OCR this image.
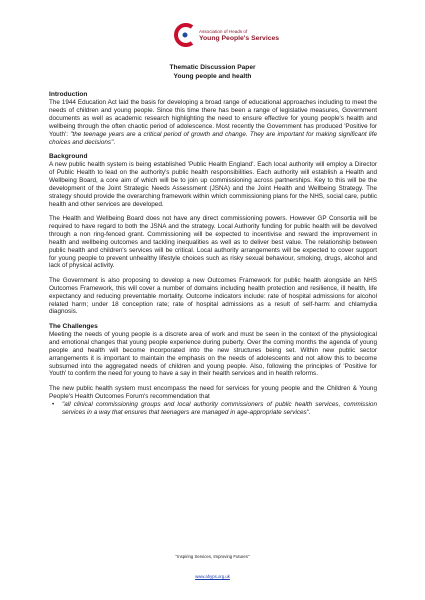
Association of Heads of
Young People's Services
Thematic Discussion Paper
Young people and health
Introduction

The 1944 Education Act laid the basis for developing a broad range of educational approaches including to meet the needs of children and young people. Since this time there has been a range of legislative measures, Government documents as well as academic research highlighting the need to ensure effective for young people's health and wellbeing through the often chaotic period of adolescence. Most recently the Government has produced 'Positive for Youth': "the teenage years are a critical period of growth and change. They are important for making significant life choices and decisions".

Background

A new public health system is being established 'Public Health England'. Each local authority will employ a Director of Public Health to lead on the authority's public health responsibilities. Each authority will establish a Health and Wellbeing Board, a core aim of which will be to join up commissioning across partnerships. Key to this will be the development of the Joint Strategic Needs Assessment (JSNA) and the Joint Health and Wellbeing Strategy. The strategy should provide the overarching framework within which commissioning plans for the NHS, social care, public health and other services are developed.

The Health and Wellbeing Board does not have any direct commissioning powers. However GP Consortia will be required to have regard to both the JSNA and the strategy. Local Authority funding for public health will be devolved through a non ring-fenced grant. Commissioning will be expected to incentivise and reward the improvement in health and wellbeing outcomes and tackling inequalities as well as to deliver best value. The relationship between public health and children's services will be critical. Local authority arrangements will be expected to cover support for young people to prevent unhealthy lifestyle choices such as risky sexual behaviour, smoking, drugs, alcohol and lack of physical activity.

The Government is also proposing to develop a new Outcomes Framework for public health alongside an NHS Outcomes Framework, this will cover a number of domains including health protection and resilience, ill health, life expectancy and reducing preventable mortality. Outcome indicators include: rate of hospital admissions for alcohol related harm; under 18 conception rate; rate of hospital admissions as a result of self-harm: and chlamydia diagnosis.

The Challenges

Meeting the needs of young people is a discrete area of work and must be seen in the context of the physiological and emotional changes that young people experience during puberty. Over the coming months the agenda of young people and health will become incorporated into the new structures being set. Within new public sector arrangements it is important to maintain the emphasis on the needs of adolescents and not allow this to become subsumed into the aggregated needs of children and young people. Also, following the principles of 'Positive for Youth' to confirm the need for young to have a say in their health services and in health reforms.

The new public health system must encompass the need for services for young people and the Children & Young People's Health Outcomes Forum's recommendation that

• "all clinical commissioning groups and local authority commissioners of public health services, commission services in a way that ensures that teenagers are managed in age-appropriate services".
"Inspiring Services, Improving Futures"
www.ahyps.org.uk
